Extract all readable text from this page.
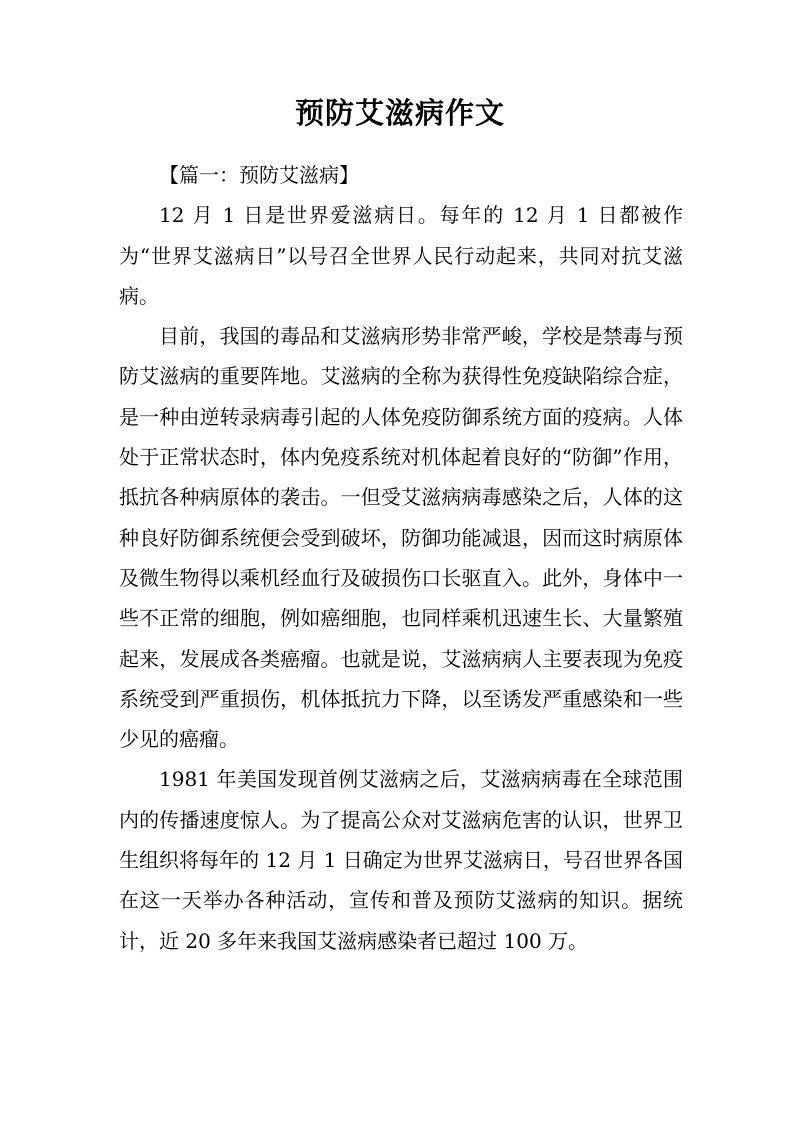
预防艾滋病作文

【篇一：预防艾滋病】

12 月 1 日是世界爱滋病日。每年的 12 月 1 日都被作为“世界艾滋病日”以号召全世界人民行动起来，共同对抗艾滋病。

目前，我国的毒品和艾滋病形势非常严峻，学校是禁毒与预防艾滋病的重要阵地。艾滋病的全称为获得性免疫缺陷综合症，是一种由逆转录病毒引起的人体免疫防御系统方面的疫病。人体处于正常状态时，体内免疫系统对机体起着良好的“防御”作用，抵抗各种病原体的袭击。一但受艾滋病病毒感染之后，人体的这种良好防御系统便会受到破坏，防御功能减退，因而这时病原体及微生物得以乘机经血行及破损伤口长驱直入。此外，身体中一些不正常的细胞，例如癌细胞，也同样乘机迅速生长、大量繁殖起来，发展成各类癌瘤。也就是说，艾滋病病人主要表现为免疫系统受到严重损伤，机体抵抗力下降，以至诱发严重感染和一些少见的癌瘤。

1981 年美国发现首例艾滋病之后，艾滋病病毒在全球范围内的传播速度惊人。为了提高公众对艾滋病危害的认识，世界卫生组织将每年的 12 月 1 日确定为世界艾滋病日，号召世界各国在这一天举办各种活动，宣传和普及预防艾滋病的知识。据统计，近 20 多年来我国艾滋病感染者已超过 100 万。
